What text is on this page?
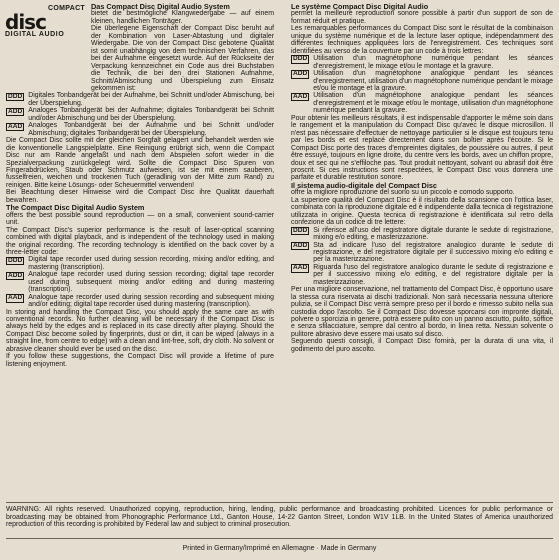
COMPACT
disc
DIGITAL AUDIO

Das Compact Disc Digital Audio System

bietet die bestmögliche Klangwiedergabe — auf einem kleinen, handlichen Tonträger.

Die überlegene Eigenschaft der Compact Disc beruht auf der Kombination von Laser-Abtastung und digitaler Wiedergabe. Die von der Compact Disc gebotene Qualität ist somit unabhängig von dem technischen Verfahren, das bei der Aufnahme eingesetzt wurde. Auf der Rückseite der Verpackung kennzeichnet ein Code aus drei Buchstaben die Technik, die bei den drei Stationen Aufnahme, Schnitt/Abmischung und Überspielung zum Einsatz gekommen ist:

DDD Digitales Tonbandgerät bei der Aufnahme, bei Schnitt und/oder Abmischung, bei der Überspielung.
ADD Analoges Tonbandgerät bei der Aufnahme; digitales Tonbandgerät bei Schnitt und/oder Abmischung und bei der Überspielung.
AAD Analoges Tonbandgerät bei der Aufnahme und bei Schnitt und/oder Abmischung; digitales Tonbandgerät bei der Überspielung.

Die Compact Disc sollte mit der gleichen Sorgfalt gelagert und behandelt werden wie die konventionelle Langspielplatte. Eine Reinigung erübrigt sich, wenn die Compact Disc nur am Rande angefaßt und nach dem Abspielen sofort wieder in die Spezialverpackung zurückgelegt wird. Sollte die Compact Disc Spuren von Fingerabdrücken, Staub oder Schmutz aufweisen, ist sie mit einem sauberen, fusselfreien, weichen und trockenen Tuch (geradlinig von der Mitte zum Rand) zu reinigen. Bitte keine Lösungs- oder Scheuermittel verwenden!

Bei Beachtung dieser Hinweise wird die Compact Disc ihre Qualität dauerhaft bewahren.

The Compact Disc Digital Audio System

offers the best possible sound reproduction — on a small, convenient sound-carrier unit.

The Compact Disc's superior performance is the result of laser-optical scanning combined with digital playback, and is independent of the technology used in making the original recording. The recording technology is identified on the back cover by a three-letter code:

DDD Digital tape recorder used during session recording, mixing and/or editing, and mastering (transcription).
ADD Analogue tape recorder used during session recording; digital tape recorder used during subsequent mixing and/or editing and during mastering (transcription).
AAD Analogue tape recorder used during session recording and subsequent mixing and/or editing; digital tape recorder used during mastering (transcription).

In storing and handling the Compact Disc, you should apply the same care as with conventional records. No further cleaning will be necessary if the Compact Disc is always held by the edges and is replaced in its case directly after playing. Should the Compact Disc become soiled by fingerprints, dust or dirt, it can be wiped (always in a straight line, from centre to edge) with a clean and lint-free, soft, dry cloth. No solvent or abrasive cleaner should ever be used on the disc.

If you follow these suggestions, the Compact Disc will provide a lifetime of pure listening enjoyment.

Le système Compact Disc Digital Audio

permet la meilleure reproduction sonore possible à partir d'un support de son de format réduit et pratique.

Les remarquables performances du Compact Disc sont le résultat de la combinaison unique du système numérique et de la lecture laser optique, indépendamment des différentes techniques appliquées lors de l'enregistrement. Ces techniques sont identifiées au verso de la couverture par un code à trois lettres:

DDD Utilisation d'un magnétophone numérique pendant les séances d'enregistrement, le mixage et/ou le montage et la gravure.
ADD Utilisation d'un magnétophone analogique pendant les séances d'enregistrement, utilisation d'un magnétophone numérique pendant le mixage et/ou le montage et la gravure.
AAD Utilisation d'un magnétophone analogique pendant les séances d'enregistrement et le mixage et/ou le montage, utilisation d'un magnétophone numérique pendant la gravure.

Pour obtenir les meilleurs résultats, il est indispensable d'apporter le même soin dans le rangement et la manipulation du Compact Disc qu'avec le disque microsillon. Il n'est pas nécessaire d'effectuer de nettoyage particulier si le disque est toujours tenu par les bords et est replacé directement dans son boîtier après l'écoute. Si le Compact Disc porte des traces d'empreintes digitales, de poussière ou autres, il peut être essuyé, toujours en ligne droite, du centre vers les bords, avec un chiffon propre, doux et sec qui ne s'effiloche pas. Tout produit nettoyant, solvant ou abrasif doit être proscrit. Si ces instructions sont respectées, le Compact Disc vous donnera une parfaite et durable restitution sonore.

Il sistema audio-digitale del Compact Disc

offre la migliore riproduzione del suono su un piccolo e comodo supporto.

La superiore qualità del Compact Disc è il risultato della scansione con l'ottica laser, combinata con la riproduzione digitale ed è indipendente dalla tecnica di registrazione utilizzata in origine. Questa tecnica di registrazione è identificata sul retro della confezione da un codice di tre lettere:

DDD Si riferisce all'uso del registratore digitale durante le sedute di registrazione, mixing e/o editing, e masterizzazione.
ADD Sta ad indicare l'uso del registratore analogico durante le sedute di registrazione, e del registratore digitale per il successivo mixing e/o editing e per la masterizzazione.
AAD Riguarda l'uso del registratore analogico durante le sedute di registrazione e per il successivo mixing e/o editing, e del registratore digitale per la masterizzazione.

Per una migliore conservazione, nel trattamento del Compact Disc, è opportuno usare la stessa cura riservata ai dischi tradizionali. Non sarà necessaria nessuna ulteriore pulizia, se il Compact Disc verrà sempre preso per il bordo e rimesso subito nella sua custodia dopo l'ascolto. Se il Compact Disc dovesse sporcarsi con impronte digitali, polvere o sporcizia in genere, potrà essere pulito con un panno asciutto, pulito, soffice e senza sfilacciature, sempre dal centro al bordo, in linea retta. Nessun solvente o pulitore abrasivo deve essere mai usato sul disco.

Seguendo questi consigli, il Compact Disc fornirà, per la durata di una vita, il godimento del puro ascolto.

WARNING: All rights reserved. Unauthorized copying, reproduction, hiring, lending, public performance and broadcasting prohibited. Licences for public performance or broadcasting may be obtained from Phonographic Performance Ltd., Ganton House, 14-22 Ganton Street, London W1V 1LB. In the United States of America unauthorized reproduction of this recording is prohibited by Federal law and subject to criminal prosecution.
Printed in Germany/Imprimé en Allemagne · Made in Germany
